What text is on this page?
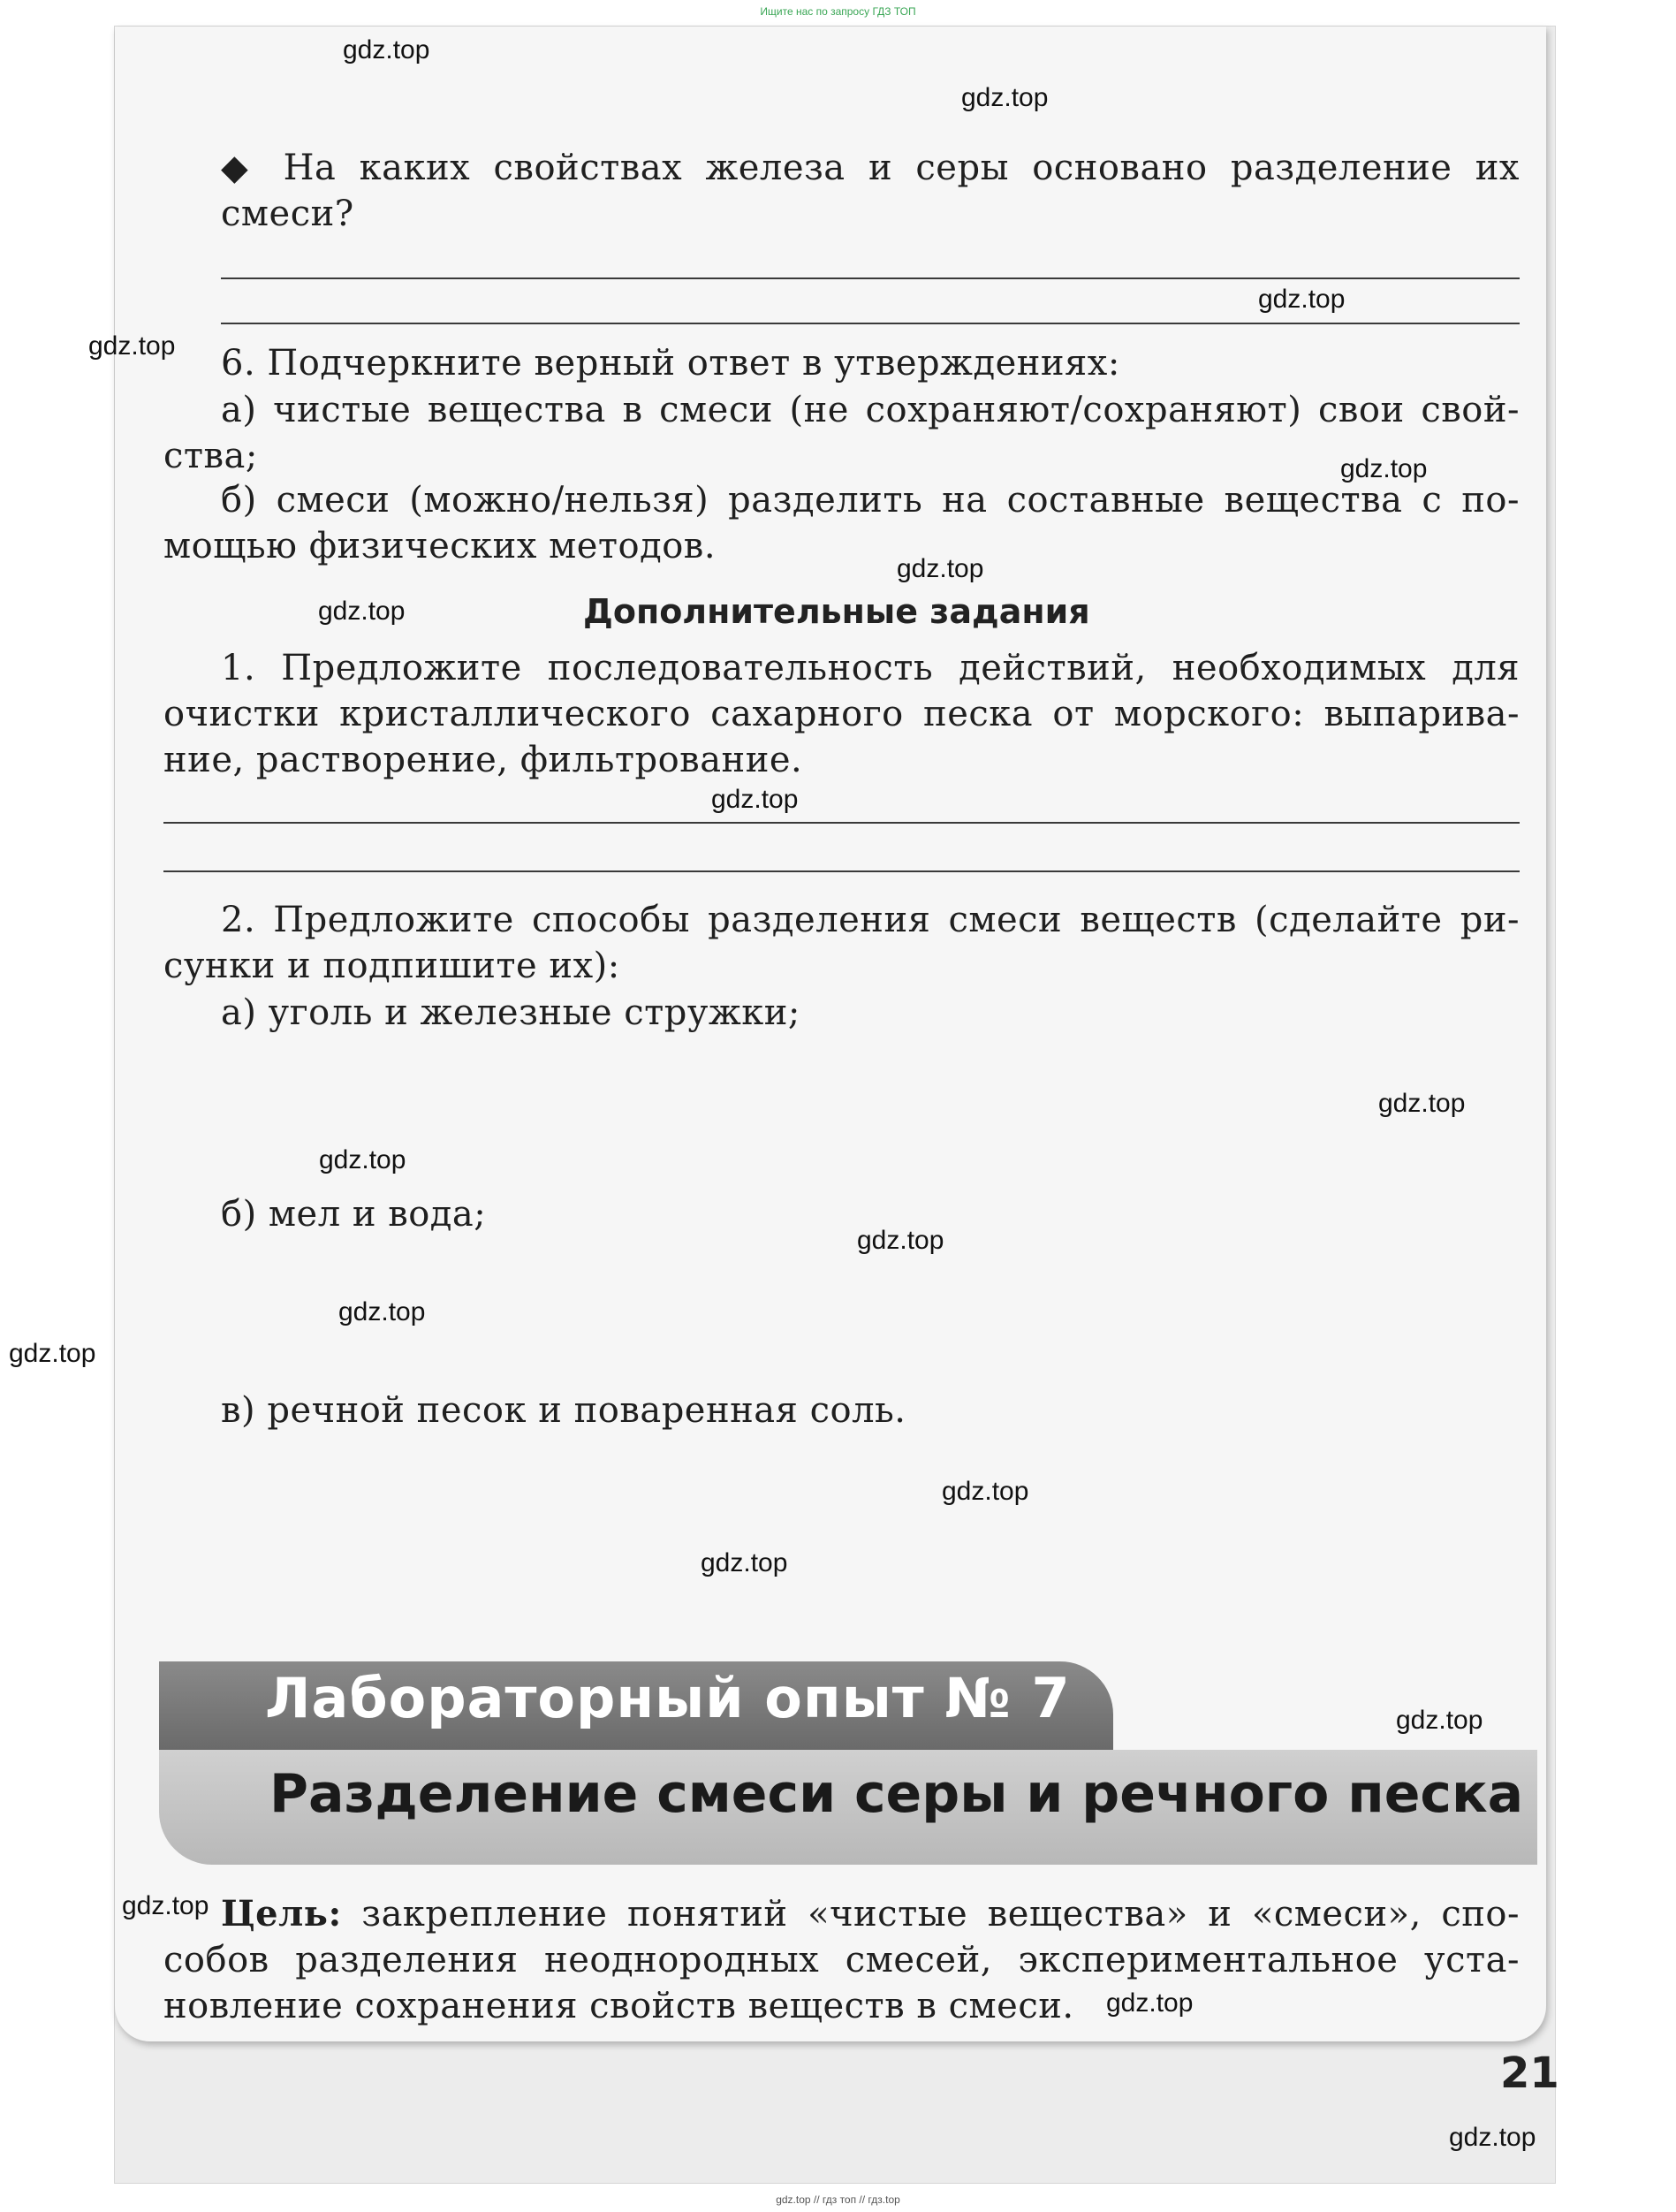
Ищите нас по запросу ГДЗ ТОП
◆ На каких свойствах железа и серы основано разделение их
смеси?
6. Подчеркните верный ответ в утверждениях:
а) чистые вещества в смеси (не сохраняют/сохраняют) свои свой-
ства;
б) смеси (можно/нельзя) разделить на составные вещества с по-
мощью физических методов.
Дополнительные задания
1. Предложите последовательность действий, необходимых для
очистки кристаллического сахарного песка от морского: выпарива-
ние, растворение, фильтрование.
2. Предложите способы разделения смеси веществ (сделайте ри-
сунки и подпишите их):
а) уголь и железные стружки;
б) мел и вода;
в) речной песок и поваренная соль.
Лабораторный опыт № 7
Разделение смеси серы и речного песка
Цель: закрепление понятий «чистые вещества» и «смеси», спо-
собов разделения неоднородных смесей, экспериментальное уста-
новление сохранения свойств веществ в смеси.
21
gdz.top
gdz.top
gdz.top
gdz.top
gdz.top
gdz.top
gdz.top
gdz.top
gdz.top
gdz.top
gdz.top
gdz.top
gdz.top
gdz.top
gdz.top
gdz.top
gdz.top
gdz.top
gdz.top
gdz.top // гдз топ // гдз.top
